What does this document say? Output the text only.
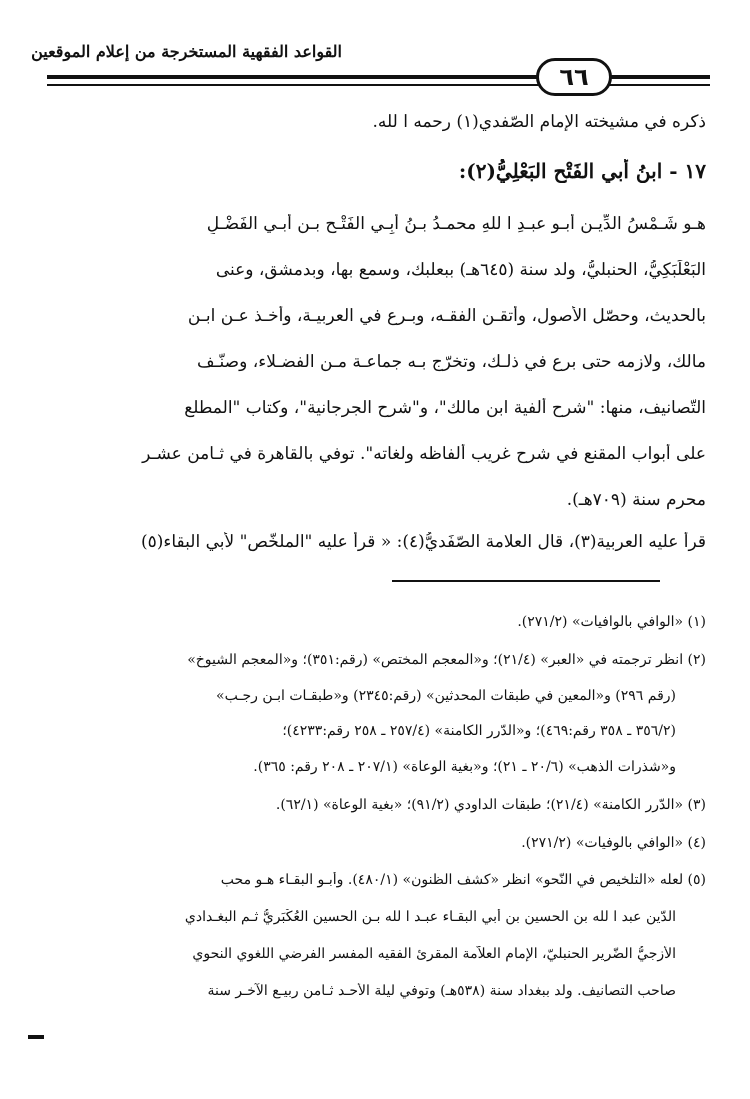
القواعد الفقهية المستخرجة من إعلام الموقعين
٦٦
ذكره في مشيخته الإمام الصّفدي(١) رحمه ا لله.
١٧ - ابنُ أبي الفَتْحِ البَعْلِيُّ(٢):
هـو شَـمْسُ الدِّيـنِ أبـو عبـدِ ا للهِ محمـدُ بـنُ أَبِـي الفَتْـحِ بـن أبـي الفَضْـلِ
البَعْلَبَكِيُّ، الحنبليُّ، ولد سنة (٦٤٥هـ) ببعلبك، وسمع بها، وبدمشق، وعنى
بالحديث، وحصّل الأصول، وأتقـن الفقـه، وبـرع في العربيـة، وأخـذ عـن ابـن
مالك، ولازمه حتى برع في ذلـك، وتخرّج بـه جماعـة مـن الفضـلاء، وصنّـف
التّصانيف، منها: "شرح ألفية ابن مالك"، و"شرح الجرجانية"، وكتاب "المطلع
على أبواب المقنع في شرح غريب ألفاظه ولغاته". توفي بالقاهرة في ثـامن عشـر
محرم سنة (٧٠٩هـ).
قرأ عليه العربية(٣)، قال العلامة الصّفَديُّ(٤): « قرأ عليه "الملخّص" لأبي البقاء(٥)
(١) «الوافي بالوافيات» (٢٧١/٢).
(٢) انظر ترجمته في «العبر» (٢١/٤)؛ و«المعجم المختص» (رقم:٣٥١)؛ و«المعجم الشيوخ»
(رقم ٢٩٦) و«المعين في طبقات المحدثين» (رقم:٢٣٤٥) و«طبقـات ابـن رجـب»
(٣٥٦/٢ ـ ٣٥٨ رقم:٤٦٩)؛ و«الدّرر الكامنة» (٢٥٧/٤ ـ ٢٥٨ رقم:٤٢٣٣)؛
و«شذرات الذهب» (٢٠/٦ ـ ٢١)؛ و«بغية الوعاة» (٢٠٧/١ ـ ٢٠٨ رقم: ٣٦٥).
(٣) «الدّرر الكامنة» (٢١/٤)؛ طبقات الداودي (٩١/٢)؛ «بغية الوعاة» (٦٢/١).
(٤) «الوافي بالوفيات» (٢٧١/٢).
(٥) لعله «التلخيص في النّحو» انظر «كشف الظنون» (٤٨٠/١). وأبـو البقـاء هـو محب
الدّين عبد ا لله بن الحسين بن أبي البقـاء عبـد ا لله بـن الحسين العُكْبَريُّ ثـم البغـدادي
الأزجيُّ الضّرير الحنبليّ، الإمام العلاّمة المقرئ الفقيه المفسر الفرضي اللغوي النحوي
صاحب التصانيف. ولد ببغداد سنة (٥٣٨هـ) وتوفي ليلة الأحـد ثـامن ربيـع الآخـر سنة
